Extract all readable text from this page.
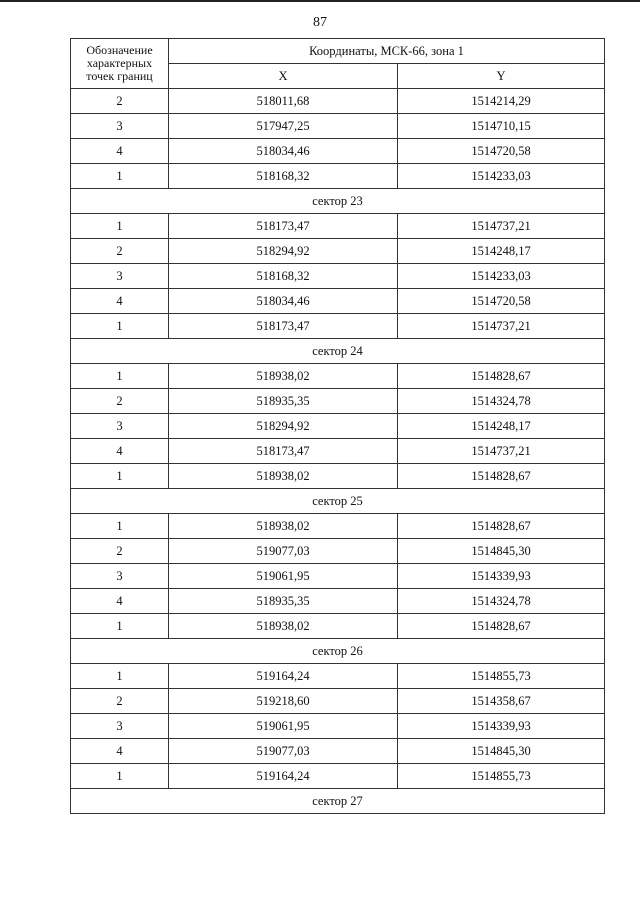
87
Обозначение
характерных
точек границ	Координаты, МСК-66, зона 1	
	X	Y
2	518011,68	1514214,29
3	517947,25	1514710,15
4	518034,46	1514720,58
1	518168,32	1514233,03
сектор 23		
1	518173,47	1514737,21
2	518294,92	1514248,17
3	518168,32	1514233,03
4	518034,46	1514720,58
1	518173,47	1514737,21
сектор 24		
1	518938,02	1514828,67
2	518935,35	1514324,78
3	518294,92	1514248,17
4	518173,47	1514737,21
1	518938,02	1514828,67
сектор 25		
1	518938,02	1514828,67
2	519077,03	1514845,30
3	519061,95	1514339,93
4	518935,35	1514324,78
1	518938,02	1514828,67
сектор 26		
1	519164,24	1514855,73
2	519218,60	1514358,67
3	519061,95	1514339,93
4	519077,03	1514845,30
1	519164,24	1514855,73
сектор 27		
